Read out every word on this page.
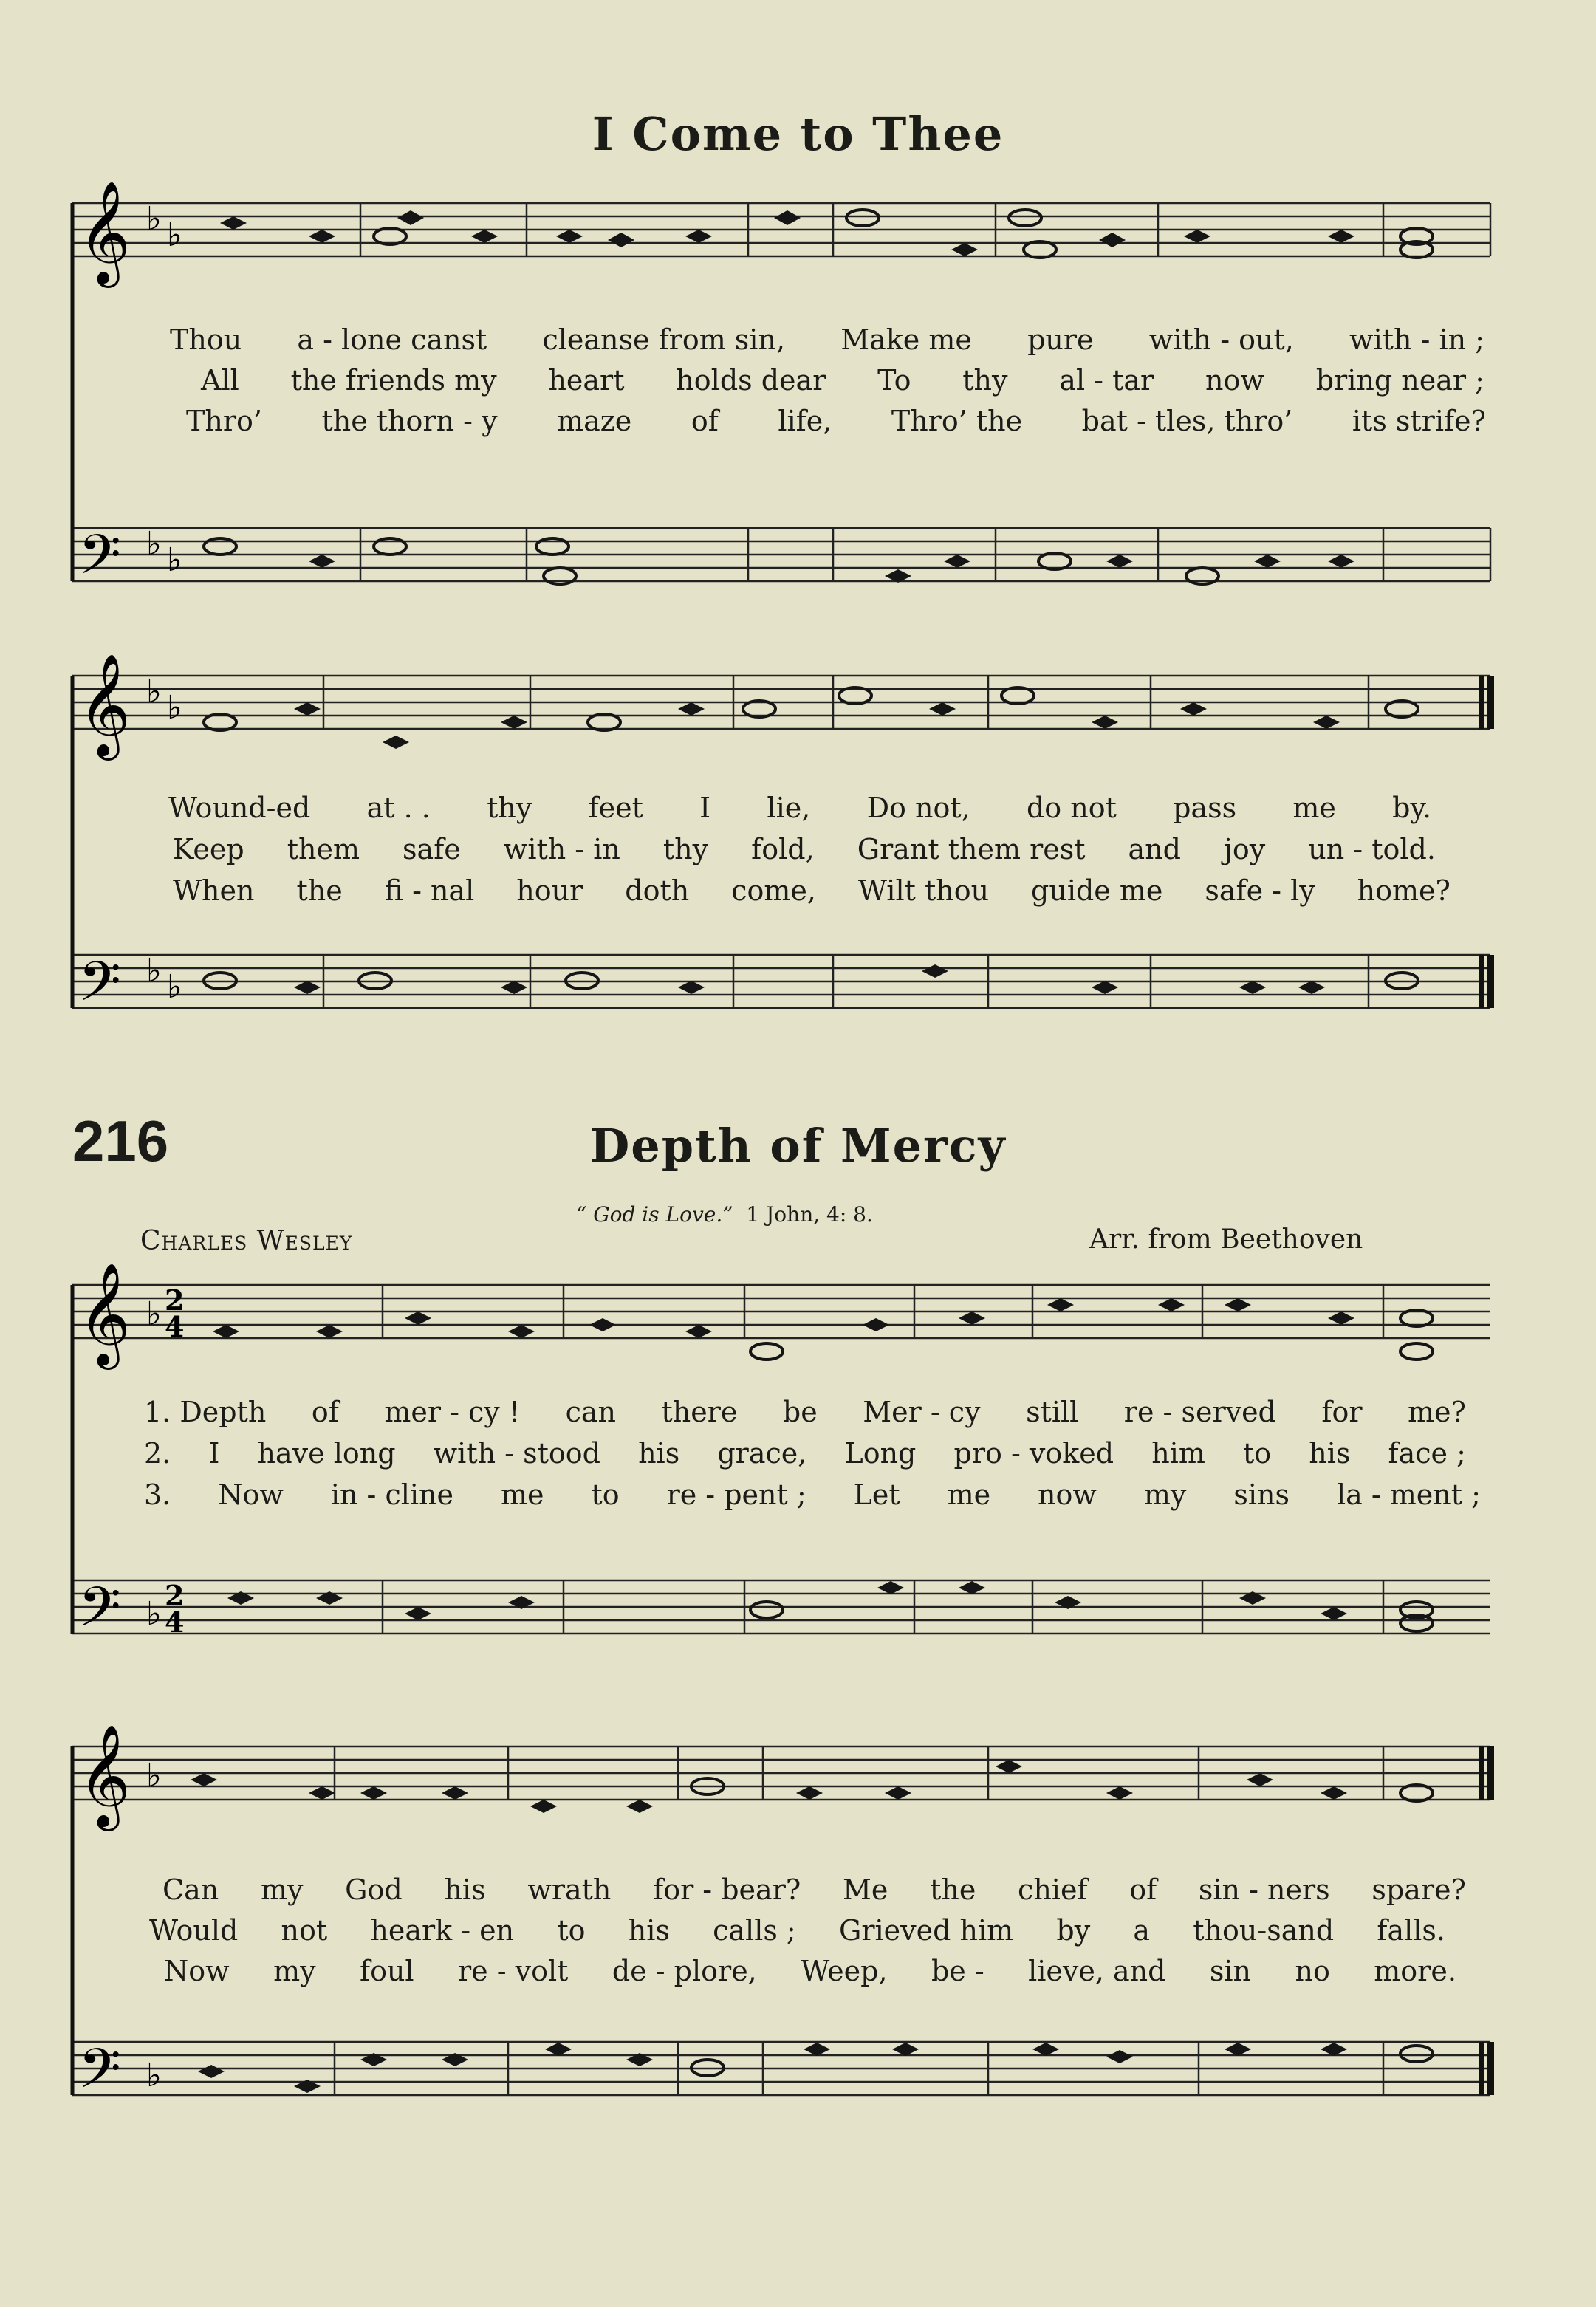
I Come to Thee
𝄞
𝄢
♭ ♭
♭ ♭
𝄞
𝄢
♭ ♭
♭ ♭
𝄞
𝄢
♭
♭
2
4
2
4
𝄞
𝄢
♭
♭
Thou a - lone canst cleanse from sin, Make me pure with - out, with - in ;
All the friends my heart holds dear To thy al - tar now bring near ;
Thro’ the thorn - y maze of life, Thro’ the bat - tles, thro’ its strife?
Wound-ed at . . thy feet I lie, Do not, do not pass me by.
Keep them safe with - in thy fold, Grant them rest and joy un - told.
When the fi - nal hour doth come, Wilt thou guide me safe - ly home?
216	Depth of Mercy
Charles Wesley
“ God is Love.” 1 John, 4: 8.
Arr. from Beethoven
1. Depth of mer - cy ! can there be Mer - cy still re - served for me?
2. I have long with - stood his grace, Long pro - voked him to his face ;
3. Now in - cline me to re - pent ; Let me now my sins la - ment ;
Can my God his wrath for - bear? Me the chief of sin - ners spare?
Would not heark - en to his calls ; Grieved him by a thou-sand falls.
Now my foul re - volt de - plore, Weep, be - lieve, and sin no more.
